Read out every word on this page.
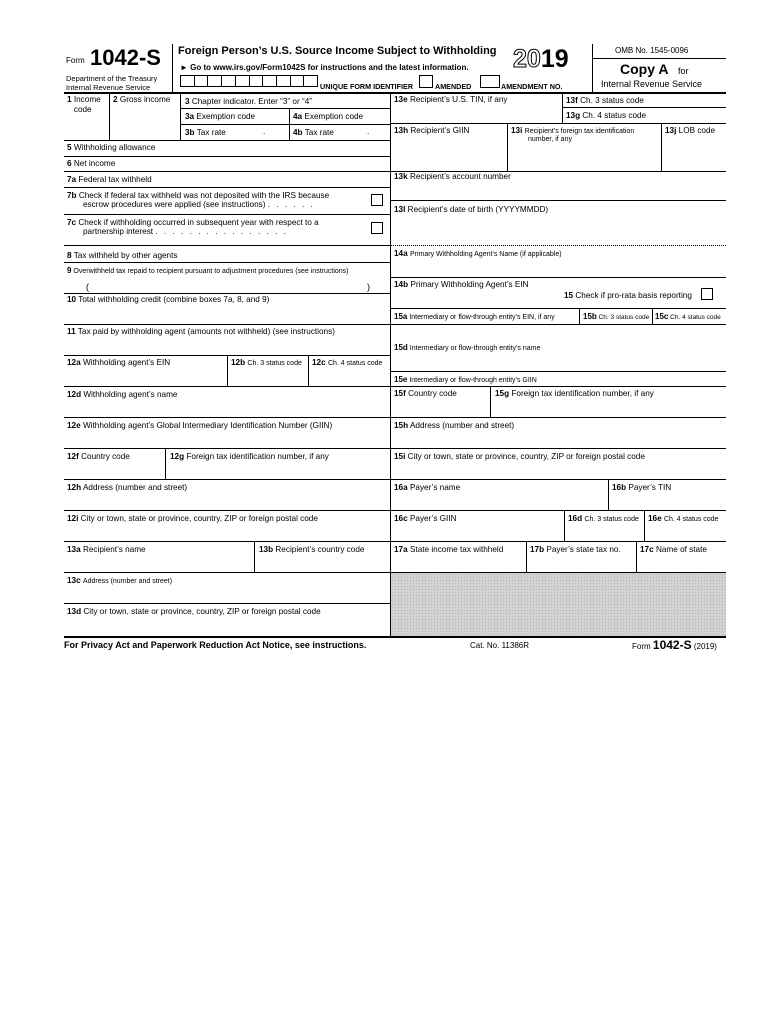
Form 1042-S
Department of the Treasury
Internal Revenue Service
Foreign Person’s U.S. Source Income Subject to Withholding
► Go to www.irs.gov/Form1042S for instructions and the latest information. 2019	OMB No. 1545-0096
Copy A for
Internal Revenue Service
UNIQUE FORM IDENTIFIER	AMENDED	AMENDMENT NO.
1 Income code
2 Gross income 3 Chapter indicator. Enter “3” or “4”
3a Exemption code	4a Exemption code
3b Tax rate	.	4b Tax rate	.
5 Withholding allowance
6 Net income
7a Federal tax withheld
7b Check if federal tax withheld was not deposited with the IRS because
escrow procedures were applied (see instructions) . . . . . .
7c Check if withholding occurred in subsequent year with respect to a
partnership interest . . . . . . . . . . . . . . . .
8 Tax withheld by other agents
9 Overwithheld tax repaid to recipient pursuant to adjustment procedures (see instructions)
(	)
10 Total withholding credit (combine boxes 7a, 8, and 9)
11 Tax paid by withholding agent (amounts not withheld) (see instructions)
12a Withholding agent’s EIN	12b Ch. 3 status code 12c Ch. 4 status code
12d Withholding agent’s name
12e Withholding agent’s Global Intermediary Identification Number (GIIN)
12f Country code	12g Foreign tax identification number, if any
12h Address (number and street)
12i City or town, state or province, country, ZIP or foreign postal code
13a Recipient’s name	13b Recipient’s country code
13c Address (number and street)
13d City or town, state or province, country, ZIP or foreign postal code
13e Recipient’s U.S. TIN, if any	13f Ch. 3 status code
13g Ch. 4 status code
13h Recipient’s GIIN	13i Recipient’s foreign tax identification
number, if any
13j LOB code
13k Recipient’s account number
13l Recipient’s date of birth (YYYYMMDD)
14a Primary Withholding Agent’s Name (if applicable)
14b Primary Withholding Agent’s EIN
15 Check if pro-rata basis reporting
15a Intermediary or flow-through entity’s EIN, if any	15b Ch. 3 status code 15c Ch. 4 status code
15d Intermediary or flow-through entity’s name
15e Intermediary or flow-through entity’s GIIN
15f Country code	15g Foreign tax identification number, if any
15h Address (number and street)
15i City or town, state or province, country, ZIP or foreign postal code
16a Payer’s name	16b Payer’s TIN
16c Payer’s GIIN	16d Ch. 3 status code 16e Ch. 4 status code
17a State income tax withheld	17b Payer’s state tax no. 17c Name of state
For Privacy Act and Paperwork Reduction Act Notice, see instructions.	Cat. No. 11386R	Form 1042-S (2019)
